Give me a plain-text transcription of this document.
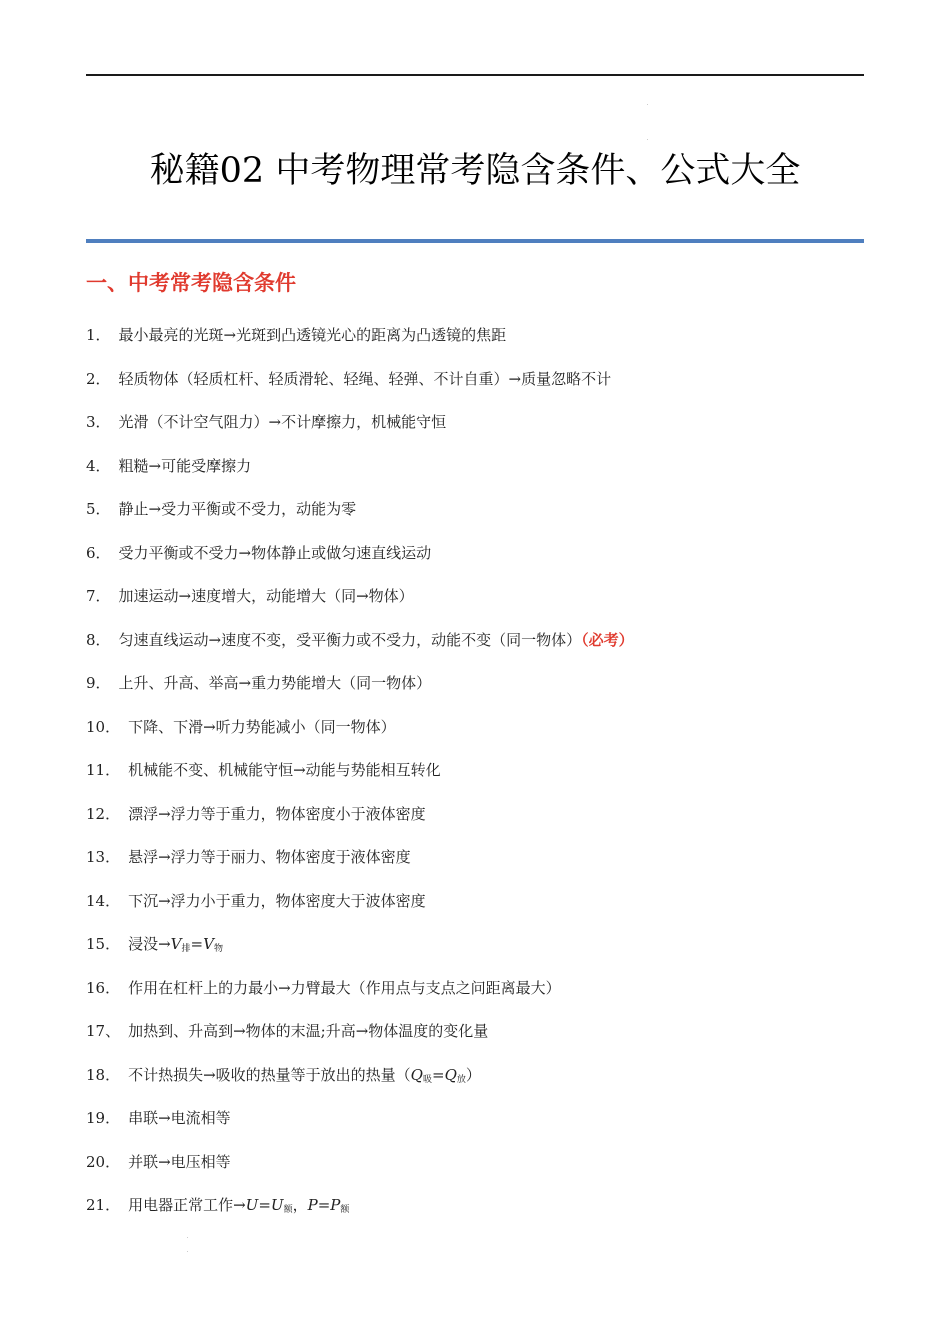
秘籍02 中考物理常考隐含条件、公式大全
一、中考常考隐含条件
1． 最小最亮的光斑→光斑到凸透镜光心的距离为凸透镜的焦距
2． 轻质物体（轻质杠杆、轻质滑轮、轻绳、轻弹、不计自重）→质量忽略不计
3． 光滑（不计空气阻力）→不计摩擦力，机械能守恒
4． 粗糙→可能受摩擦力
5． 静止→受力平衡或不受力，动能为零
6． 受力平衡或不受力→物体静止或做匀速直线运动
7． 加速运动→速度增大，动能增大（同→物体）
8． 匀速直线运动→速度不变，受平衡力或不受力，动能不变（同一物体）（必考）
9． 上升、升高、举高→重力势能增大（同一物体）
10． 下降、下滑→听力势能减小（同一物体）
11． 机械能不变、机械能守恒→动能与势能相互转化
12． 漂浮→浮力等于重力，物体密度小于液体密度
13． 悬浮→浮力等于丽力、物体密度于液体密度
14． 下沉→浮力小于重力，物体密度大于波体密度
15． 浸没$\to V_排=V_物$
16． 作用在杠杆上的力最小→力臂最大（作用点与支点之问距离最大）
17、 加热到、升高到→物体的末温;升高→物体温度的变化量
18． 不计热损失→吸收的热量等于放出的热量$(Q_吸=Q_放)$
19． 串联→电流相等
20． 并联→电压相等
21． 用电器正常工作$\to U=U_额$，$P=P_额$
